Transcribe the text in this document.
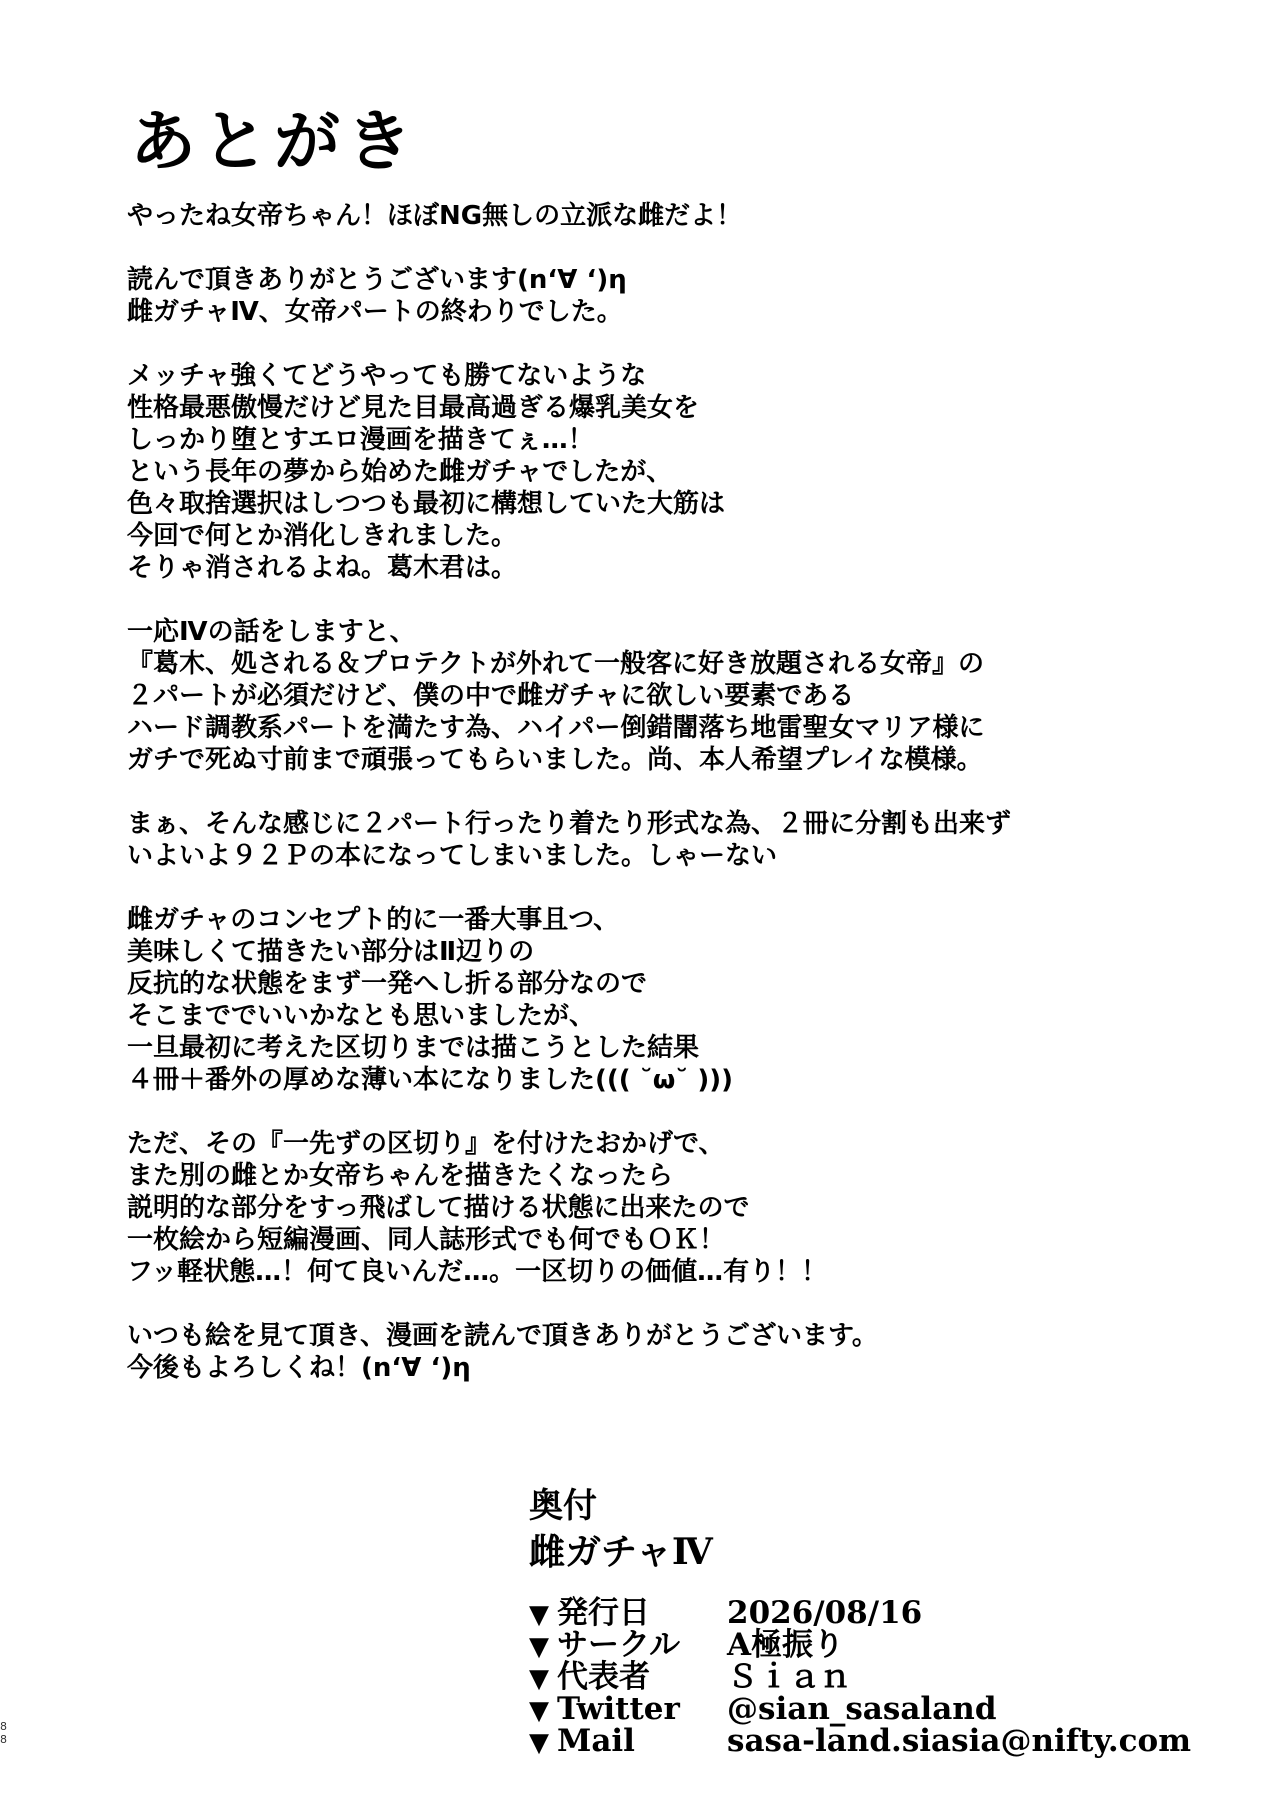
あとがき
やったね女帝ちゃん！ほぼNG無しの立派な雌だよ！
読んで頂きありがとうございます(n‘∀ ‘)η
雌ガチャⅣ、女帝パートの終わりでした。
メッチャ強くてどうやっても勝てないような
性格最悪傲慢だけど見た目最高過ぎる爆乳美女を
しっかり堕とすエロ漫画を描きてぇ…！
という長年の夢から始めた雌ガチャでしたが、
色々取捨選択はしつつも最初に構想していた大筋は
今回で何とか消化しきれました。
そりゃ消されるよね。葛木君は。
一応Ⅳの話をしますと、
『葛木、処される＆プロテクトが外れて一般客に好き放題される女帝』の
２パートが必須だけど、僕の中で雌ガチャに欲しい要素である
ハード調教系パートを満たす為、ハイパー倒錯闇落ち地雷聖女マリア様に
ガチで死ぬ寸前まで頑張ってもらいました。尚、本人希望プレイな模様。
まぁ、そんな感じに２パート行ったり着たり形式な為、２冊に分割も出来ず
いよいよ９２Ｐの本になってしまいました。しゃーない
雌ガチャのコンセプト的に一番大事且つ、
美味しくて描きたい部分はⅡ辺りの
反抗的な状態をまず一発へし折る部分なので
そこまででいいかなとも思いましたが、
一旦最初に考えた区切りまでは描こうとした結果
４冊＋番外の厚めな薄い本になりました((( ˘ω˘ )))
ただ、その『一先ずの区切り』を付けたおかげで、
また別の雌とか女帝ちゃんを描きたくなったら
説明的な部分をすっ飛ばして描ける状態に出来たので
一枚絵から短編漫画、同人誌形式でも何でもＯＫ！
フッ軽状態…！何て良いんだ…。一区切りの価値…有り！！
いつも絵を見て頂き、漫画を読んで頂きありがとうございます。
今後もよろしくね！(n‘∀ ‘)η
奥付
雌ガチャⅣ
▼ 発行日	2026/08/16
▼ サークル	A極振り
▼ 代表者	Ｓｉａｎ
▼ Twitter	@sian_sasaland
▼ Mail	sasa-land.siasia@nifty.com
8
8
